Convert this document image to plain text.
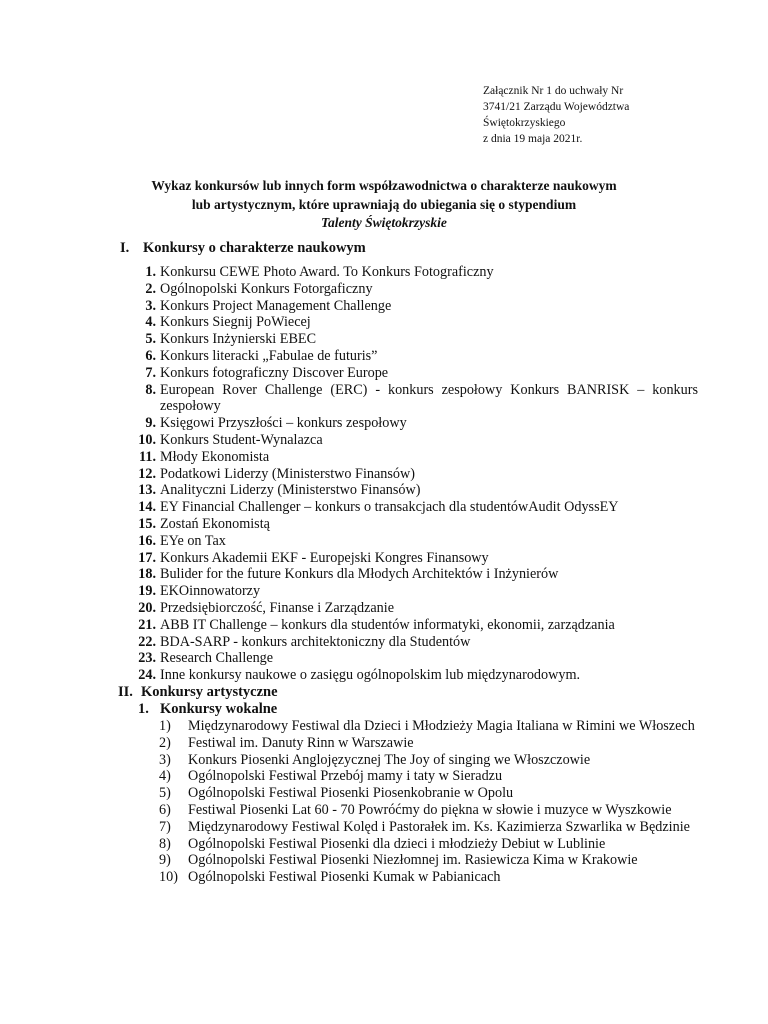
Załącznik Nr 1 do uchwały Nr
3741/21 Zarządu Województwa
Świętokrzyskiego
z dnia 19 maja 2021r.
Wykaz konkursów lub innych form współzawodnictwa o charakterze naukowym
lub artystycznym, które uprawniają do ubiegania się o stypendium
Talenty Świętokrzyskie
I. Konkursy o charakterze naukowym
1. Konkursu CEWE Photo Award. To Konkurs Fotograficzny
2. Ogólnopolski Konkurs Fotorgaficzny
3. Konkurs Project Management Challenge
4. Konkurs Siegnij PoWiecej
5. Konkurs Inżynierski EBEC
6. Konkurs literacki „Fabulae de futuris”
7. Konkurs fotograficzny Discover Europe
8. European Rover Challenge (ERC) - konkurs zespołowy Konkurs BANRISK – konkurs zespołowy
9. Księgowi Przyszłości – konkurs zespołowy
10. Konkurs Student-Wynalazca
11. Młody Ekonomista
12. Podatkowi Liderzy (Ministerstwo Finansów)
13. Analityczni Liderzy (Ministerstwo Finansów)
14. EY Financial Challenger – konkurs o transakcjach dla studentówAudit OdyssEY
15. Zostań Ekonomistą
16. EYe on Tax
17. Konkurs Akademii EKF - Europejski Kongres Finansowy
18. Bulider for the future Konkurs dla Młodych Architektów i Inżynierów
19. EKOinnowatorzy
20. Przedsiębiorczość, Finanse i Zarządzanie
21. ABB IT Challenge – konkurs dla studentów informatyki, ekonomii, zarządzania
22. BDA-SARP - konkurs architektoniczny dla Studentów
23. Research Challenge
24. Inne konkursy naukowe o zasięgu ogólnopolskim lub międzynarodowym.
II. Konkursy artystyczne
1. Konkursy wokalne
1)	Międzynarodowy Festiwal dla Dzieci i Młodzieży Magia Italiana w Rimini we Włoszech
2)	Festiwal im. Danuty Rinn w Warszawie
3)	Konkurs Piosenki Anglojęzycznej The Joy of singing we Włoszczowie
4)	Ogólnopolski Festiwal Przebój mamy i taty w Sieradzu
5)	Ogólnopolski Festiwal Piosenki Piosenkobranie w Opolu
6)	Festiwal Piosenki Lat 60 - 70 Powróćmy do piękna w słowie i muzyce w Wyszkowie
7)	Międzynarodowy Festiwal Kolęd i Pastorałek im. Ks. Kazimierza Szwarlika w Będzinie
8)	Ogólnopolski Festiwal Piosenki dla dzieci i młodzieży Debiut w Lublinie
9)	Ogólnopolski Festiwal Piosenki Niezłomnej im. Rasiewicza Kima w Krakowie
10) Ogólnopolski Festiwal Piosenki Kumak w Pabianicach
